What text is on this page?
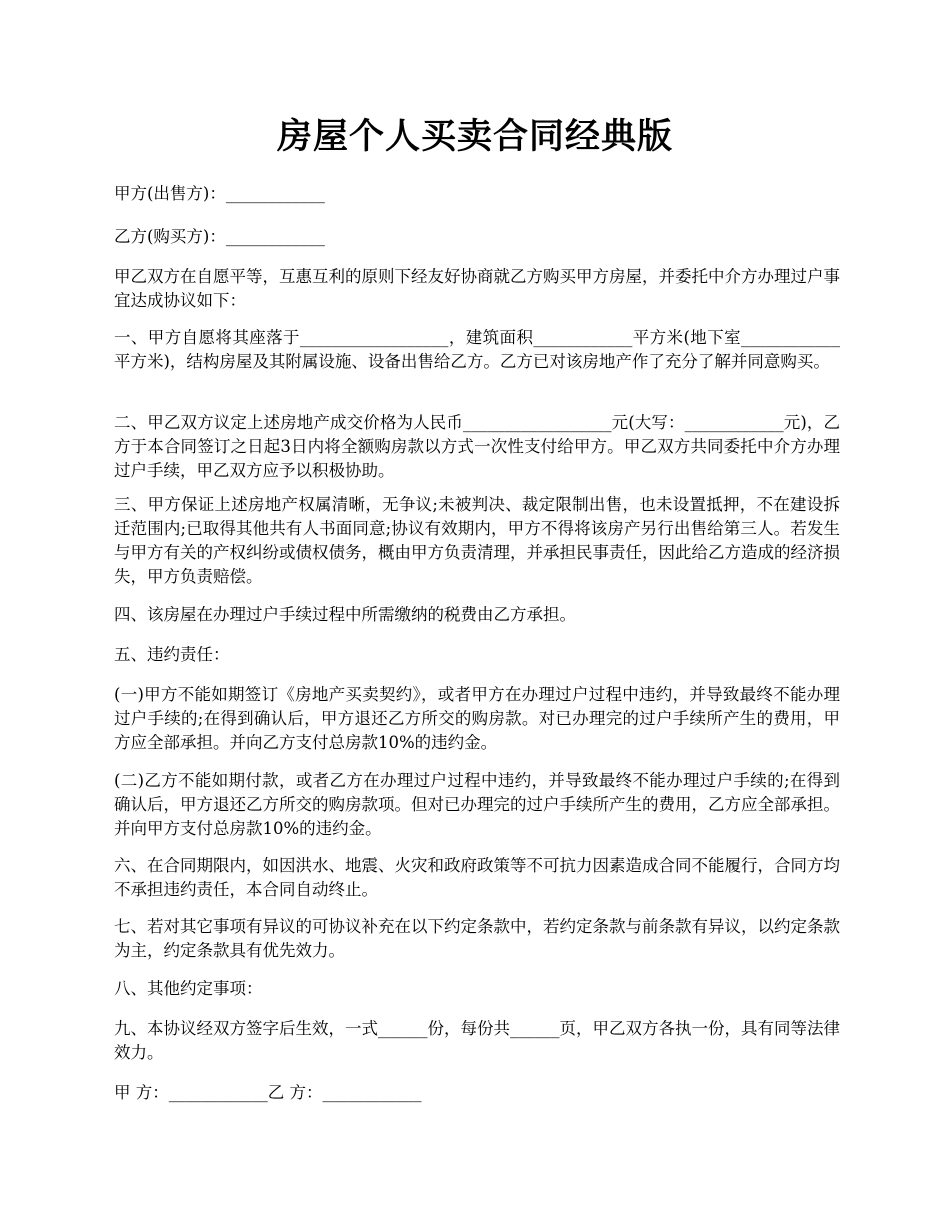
房屋个人买卖合同经典版
甲方(出售方)：____________
乙方(购买方)：____________
甲乙双方在自愿平等，互惠互利的原则下经友好协商就乙方购买甲方房屋，并委托中介方办理过户事宜达成协议如下：
一、甲方自愿将其座落于__________________，建筑面积____________平方米(地下室____________平方米)，结构房屋及其附属设施、设备出售给乙方。乙方已对该房地产作了充分了解并同意购买。
二、甲乙双方议定上述房地产成交价格为人民币__________________元(大写：____________元)，乙方于本合同签订之日起3日内将全额购房款以方式一次性支付给甲方。甲乙双方共同委托中介方办理过户手续，甲乙双方应予以积极协助。
三、甲方保证上述房地产权属清晰，无争议;未被判决、裁定限制出售，也未设置抵押，不在建设拆迁范围内;已取得其他共有人书面同意;协议有效期内，甲方不得将该房产另行出售给第三人。若发生与甲方有关的产权纠纷或债权债务，概由甲方负责清理，并承担民事责任，因此给乙方造成的经济损失，甲方负责赔偿。
四、该房屋在办理过户手续过程中所需缴纳的税费由乙方承担。
五、违约责任：
(一)甲方不能如期签订《房地产买卖契约》，或者甲方在办理过户过程中违约，并导致最终不能办理过户手续的;在得到确认后，甲方退还乙方所交的购房款。对已办理完的过户手续所产生的费用，甲方应全部承担。并向乙方支付总房款10%的违约金。
(二)乙方不能如期付款，或者乙方在办理过户过程中违约，并导致最终不能办理过户手续的;在得到确认后，甲方退还乙方所交的购房款项。但对已办理完的过户手续所产生的费用，乙方应全部承担。并向甲方支付总房款10%的违约金。
六、在合同期限内，如因洪水、地震、火灾和政府政策等不可抗力因素造成合同不能履行，合同方均不承担违约责任，本合同自动终止。
七、若对其它事项有异议的可协议补充在以下约定条款中，若约定条款与前条款有异议，以约定条款为主，约定条款具有优先效力。
八、其他约定事项：
九、本协议经双方签字后生效，一式______份，每份共______页，甲乙双方各执一份，具有同等法律效力。
甲 方：____________乙 方：____________
